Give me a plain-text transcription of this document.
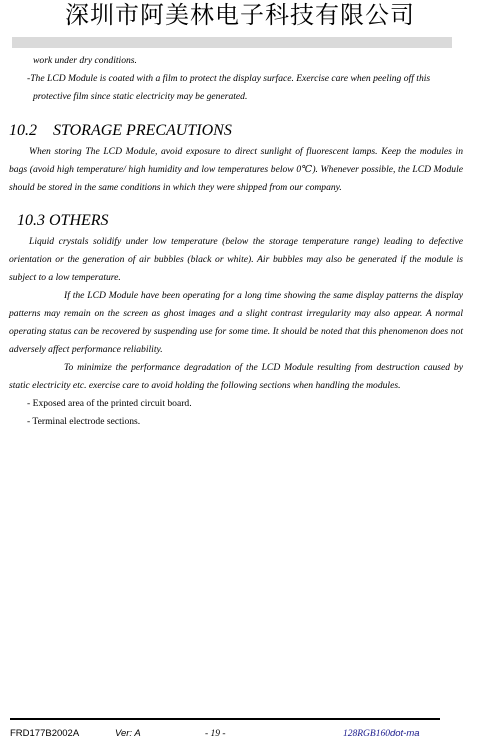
深圳市阿美林电子科技有限公司

work under dry conditions.

-The LCD Module is coated with a film to protect the display surface. Exercise care when peeling off this

protective film since static electricity may be generated.

10.2    STORAGE PRECAUTIONS

When storing The LCD Module, avoid exposure to direct sunlight of fluorescent lamps. Keep the modules in bags (avoid high temperature/ high humidity and low temperatures below 0℃). Whenever possible, the LCD Module should be stored in the same conditions in which they were shipped from our company.

10.3 OTHERS

Liquid crystals solidify under low temperature (below the storage temperature range) leading to defective orientation or the generation of air bubbles (black or white). Air bubbles may also be generated if the module is subject to a low temperature.

If the LCD Module have been operating for a long time showing the same display patterns the display patterns may remain on the screen as ghost images and a slight contrast irregularity may also appear. A normal operating status can be recovered by suspending use for some time. It should be noted that this phenomenon does not adversely affect performance reliability.

To minimize the performance degradation of the LCD Module resulting from destruction caused by static electricity etc. exercise care to avoid holding the following sections when handling the modules.

- Exposed area of the printed circuit board.

- Terminal electrode sections.

FRD177B2002A	Ver: A	- 19 -	128RGB160dot-ma
